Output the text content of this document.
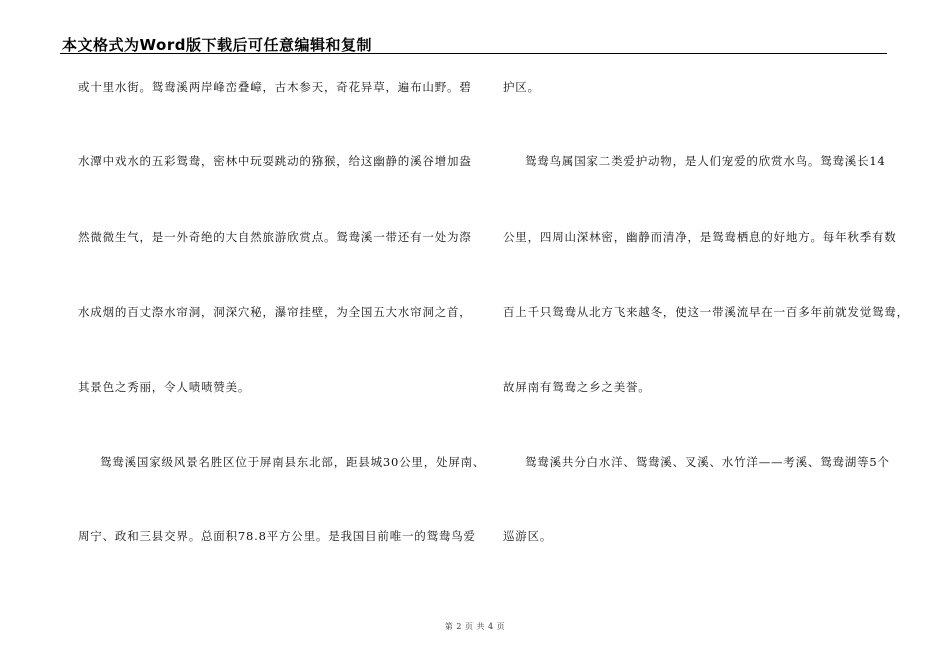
本文格式为Word版下载后可任意编辑和复制
或十里水街。鸳鸯溪两岸峰峦叠嶂，古木参天，奇花异草，遍布山野。碧
水潭中戏水的五彩鸳鸯，密林中玩耍跳动的猕猴，给这幽静的溪谷增加盎
然微微生气，是一外奇绝的大自然旅游欣赏点。鸳鸯溪一带还有一处为漈
水成烟的百丈漈水帘洞，洞深穴秘，瀑帘挂壁，为全国五大水帘洞之首，
其景色之秀丽，令人啧啧赞美。
鸳鸯溪国家级风景名胜区位于屏南县东北部，距县城30公里，处屏南、
周宁、政和三县交界。总面积78.8平方公里。是我国目前唯一的鸳鸯鸟爱
护区。
鸳鸯鸟属国家二类爱护动物，是人们宠爱的欣赏水鸟。鸳鸯溪长14
公里，四周山深林密，幽静而清净，是鸳鸯栖息的好地方。每年秋季有数
百上千只鸳鸯从北方飞来越冬，使这一带溪流早在一百多年前就发觉鸳鸯，
故屏南有鸳鸯之乡之美誉。
鸳鸯溪共分白水洋、鸳鸯溪、叉溪、水竹洋——考溪、鸳鸯湖等5个
巡游区。
第 2 页 共 4 页
